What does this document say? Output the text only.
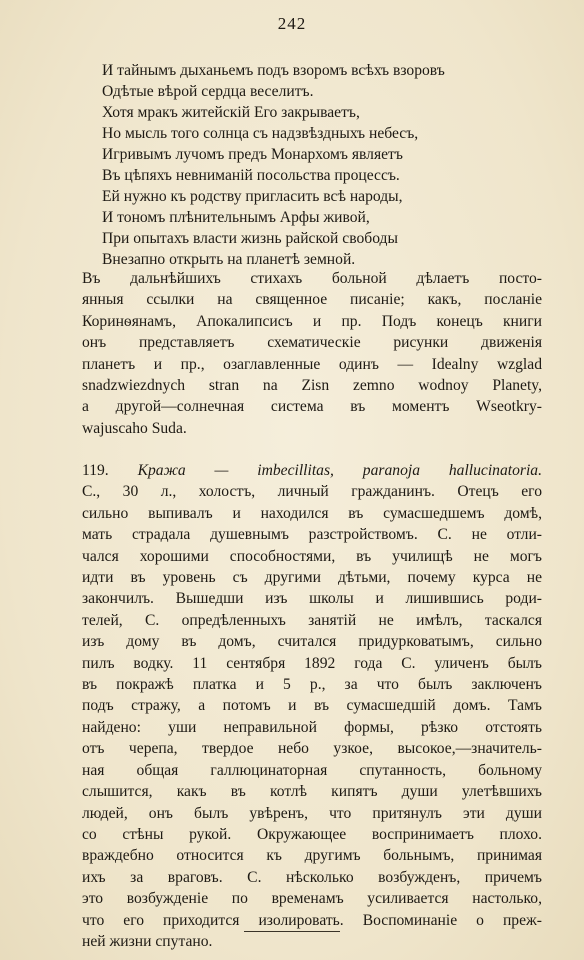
242
И тайнымъ дыханьемъ подъ взоромъ всѣхъ взоровъ
Одѣтые вѣрой сердца веселитъ.
Хотя мракъ житейскій Его закрываетъ,
Но мысль того солнца съ надзвѣздныхъ небесъ,
Игривымъ лучомъ предъ Монархомъ являетъ
Въ цѣпяхъ невниманій посольства процессъ.
Ей нужно къ родству пригласить всѣ народы,
И тономъ плѣнительнымъ Арфы живой,
При опытахъ власти жизнь райской свободы
Внезапно открыть на планетѣ земной.
Въ дальнѣйшихъ стихахъ больной дѣлаетъ посто-
янныя ссылки на священное писаніе; какъ, посланіе
Коринѳянамъ, Апокалипсисъ и пр. Подъ конецъ книги
онъ представляетъ схематическіе рисунки движенія
планетъ и пр., озаглавленные одинъ — Idealny wzglad
snadzwiezdnych stran na Zisn zemno wodnoy Planety,
а другой—солнечная система въ моментъ Wseotkry-
wajuscaho Suda.
119. Кража — imbecillitas, paranoja hallucinatoria.
С., 30 л., холостъ, личный гражданинъ. Отецъ его
сильно выпивалъ и находился въ сумасшедшемъ домѣ,
мать страдала душевнымъ разстройствомъ. С. не отли-
чался хорошими способностями, въ училищѣ не могъ
идти въ уровень съ другими дѣтьми, почему курса не
закончилъ. Вышедши изъ школы и лишившись роди-
телей, С. опредѣленныхъ занятій не имѣлъ, таскался
изъ дому въ домъ, считался придурковатымъ, сильно
пилъ водку. 11 сентября 1892 года С. уличенъ былъ
въ покражѣ платка и 5 р., за что былъ заключенъ
подъ стражу, а потомъ и въ сумасшедшій домъ. Тамъ
найдено: уши неправильной формы, рѣзко отстоять
отъ черепа, твердое небо узкое, высокое,—значитель-
ная общая галлюцинаторная спутанность, больному
слышится, какъ въ котлѣ кипятъ души улетѣвшихъ
людей, онъ былъ увѣренъ, что притянулъ эти души
со стѣны рукой. Окружающее воспринимаетъ плохо.
враждебно относится къ другимъ больнымъ, принимая
ихъ за враговъ. С. нѣсколько возбужденъ, причемъ
это возбужденіе по временамъ усиливается настолько,
что его приходится изолировать. Воспоминаніе о преж-
ней жизни спутано.
